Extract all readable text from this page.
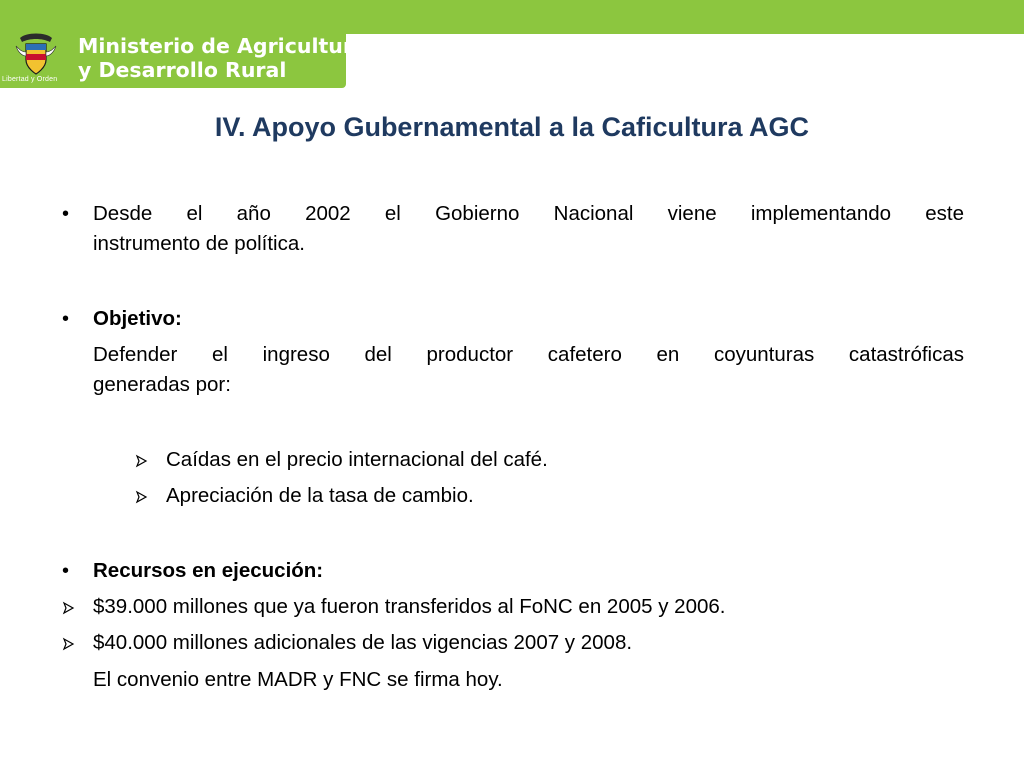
Libertad y Orden
Ministerio de Agricultura
y Desarrollo Rural
IV. Apoyo Gubernamental a la Caficultura AGC
• Desde el año 2002 el Gobierno Nacional viene implementando este
instrumento de política.
• Objetivo:
Defender el ingreso del productor cafetero en coyunturas catastróficas
generadas por:
Caídas en el precio internacional del café.
Apreciación de la tasa de cambio.
• Recursos en ejecución:
$39.000 millones que ya fueron transferidos al FoNC en 2005 y 2006.
$40.000 millones adicionales de las vigencias 2007 y 2008.
El convenio entre MADR y FNC se firma hoy.
